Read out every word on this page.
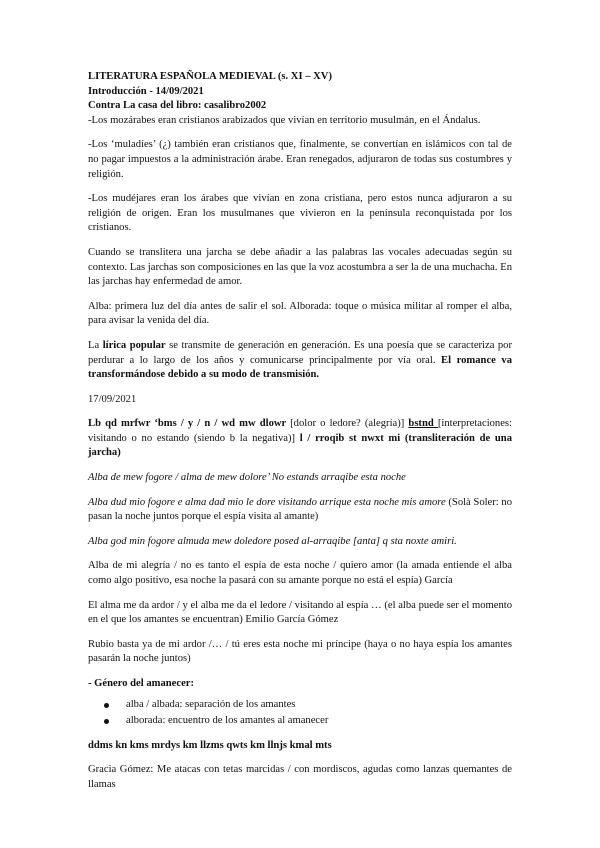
LITERATURA ESPAÑOLA MEDIEVAL (s. XI – XV)
Introducción - 14/09/2021
Contra La casa del libro: casalibro2002

-Los mozárabes eran cristianos arabizados que vivían en territorio musulmán, en el Ándalus.

-Los ‘muladíes’ (¿) también eran cristianos que, finalmente, se convertían en islámicos con tal de no pagar impuestos a la administración árabe. Eran renegados, adjuraron de todas sus costumbres y religión.

-Los mudéjares eran los árabes que vivían en zona cristiana, pero estos nunca adjuraron a su religión de origen. Eran los musulmanes que vivieron en la península reconquistada por los cristianos.

Cuando se translitera una jarcha se debe añadir a las palabras las vocales adecuadas según su contexto. Las jarchas son composiciones en las que la voz acostumbra a ser la de una muchacha. En las jarchas hay enfermedad de amor.

Alba: primera luz del día antes de salir el sol. Alborada: toque o música militar al romper el alba, para avisar la venida del día.

La lírica popular se transmite de generación en generación. Es una poesía que se caracteriza por perdurar a lo largo de los años y comunicarse principalmente por vía oral. El romance va transformándose debido a su modo de transmisión.

17/09/2021

Lb qd mrfwr ‘bms / y / n / wd mw dlowr [dolor o ledore? (alegría)] bstnd [interpretaciones: visitando o no estando (siendo b la negativa)] l / rroqib st nwxt mi (transliteración de una jarcha)

Alba de mew fogore / alma de mew dolore’ No estands arraqibe esta noche

Alba dud mio fogore e alma dad mio le dore visitando arrique esta noche mis amore (Solà Soler: no pasan la noche juntos porque el espía visita al amante)

Alba god min fogore almuda mew doledore posed al-arraqibe [anta] q sta noxte amiri.

Alba de mi alegría / no es tanto el espía de esta noche / quiero amor (la amada entiende el alba como algo positivo, esa noche la pasará con su amante porque no está el espía) García

El alma me da ardor / y el alba me da el ledore / visitando al espía … (el alba puede ser el momento en el que los amantes se encuentran) Emilio García Gómez

Rubio basta ya de mi ardor /… / tú eres esta noche mi príncipe (haya o no haya espía los amantes pasarán la noche juntos)

- Género del amanecer:

alba / albada: separación de los amantes
alborada: encuentro de los amantes al amanecer

ddms kn kms mrdys km llzms qwts km llnjs kmal mts

Gracia Gómez: Me atacas con tetas marcidas / con mordiscos, agudas como lanzas quemantes de llamas
